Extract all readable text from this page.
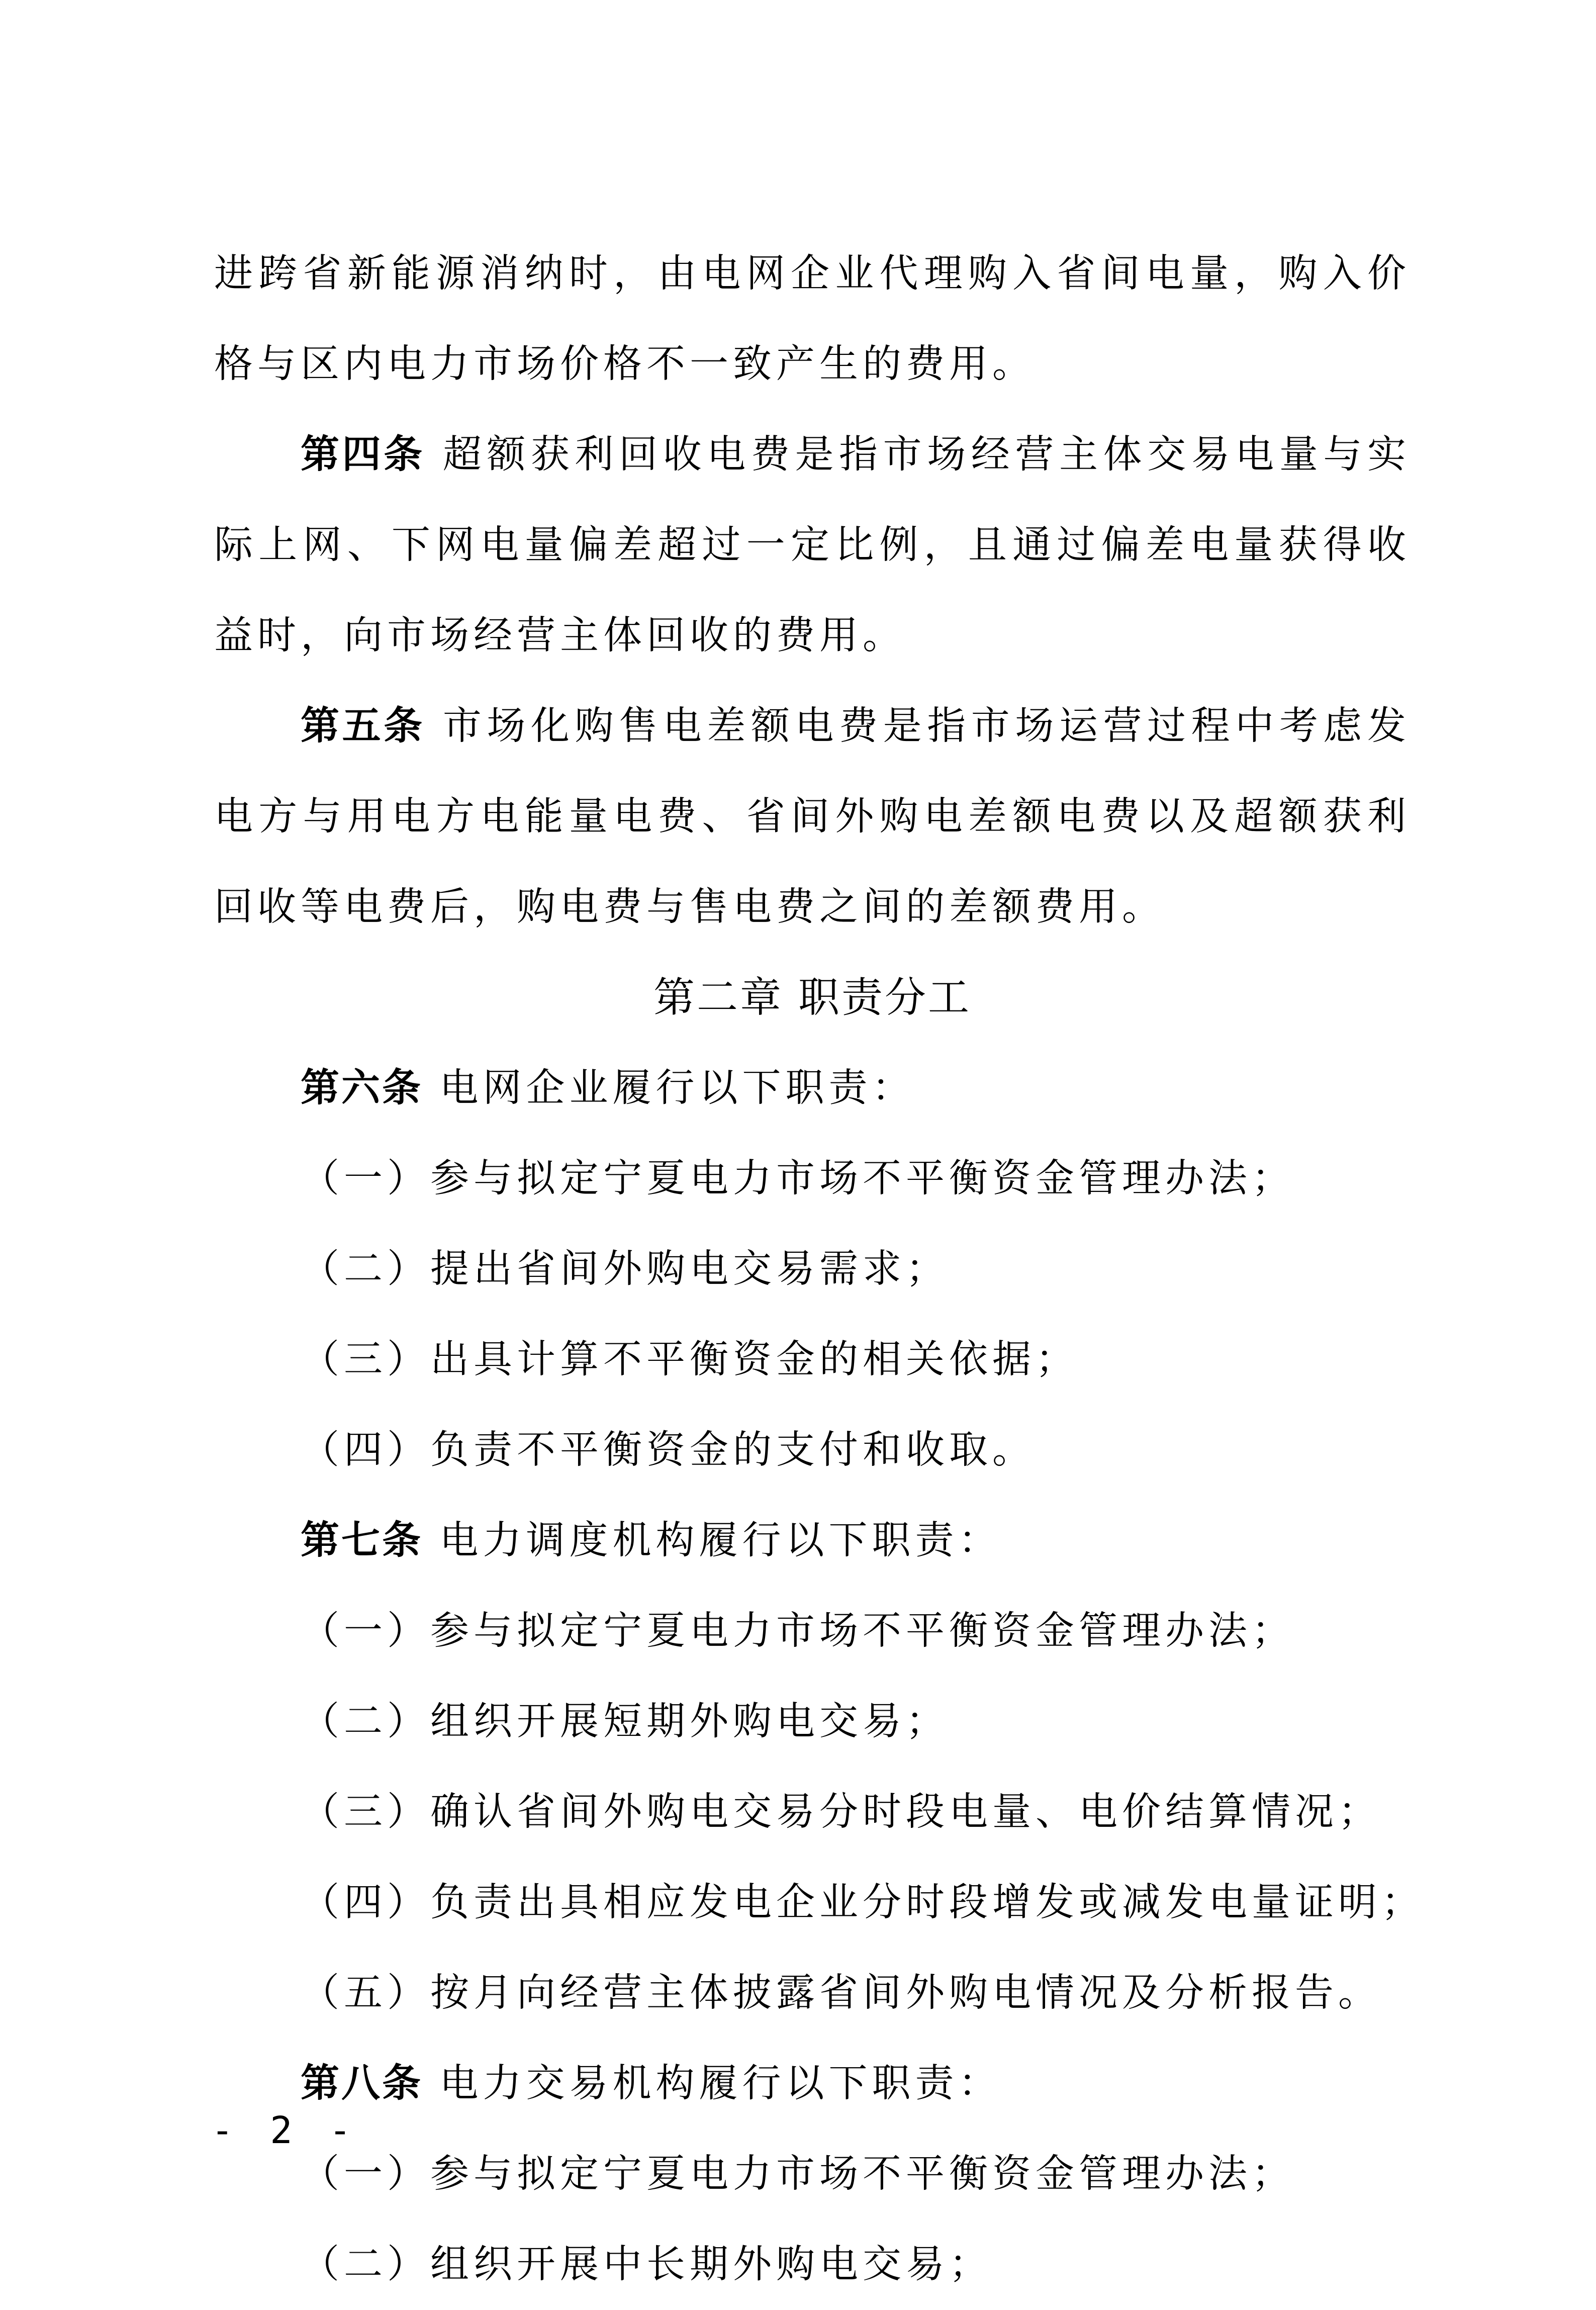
进跨省新能源消纳时，由电网企业代理购入省间电量，购入价格与区内电力市场价格不一致产生的费用。

第四条 超额获利回收电费是指市场经营主体交易电量与实际上网、下网电量偏差超过一定比例，且通过偏差电量获得收益时，向市场经营主体回收的费用。

第五条 市场化购售电差额电费是指市场运营过程中考虑发电方与用电方电能量电费、省间外购电差额电费以及超额获利回收等电费后，购电费与售电费之间的差额费用。

第二章 职责分工

第六条 电网企业履行以下职责：

（一）参与拟定宁夏电力市场不平衡资金管理办法；

（二）提出省间外购电交易需求；

（三）出具计算不平衡资金的相关依据；

（四）负责不平衡资金的支付和收取。

第七条 电力调度机构履行以下职责：

（一）参与拟定宁夏电力市场不平衡资金管理办法；

（二）组织开展短期外购电交易；

（三）确认省间外购电交易分时段电量、电价结算情况；

（四）负责出具相应发电企业分时段增发或减发电量证明；

（五）按月向经营主体披露省间外购电情况及分析报告。

第八条 电力交易机构履行以下职责：

（一）参与拟定宁夏电力市场不平衡资金管理办法；

（二）组织开展中长期外购电交易；

- 2 -
